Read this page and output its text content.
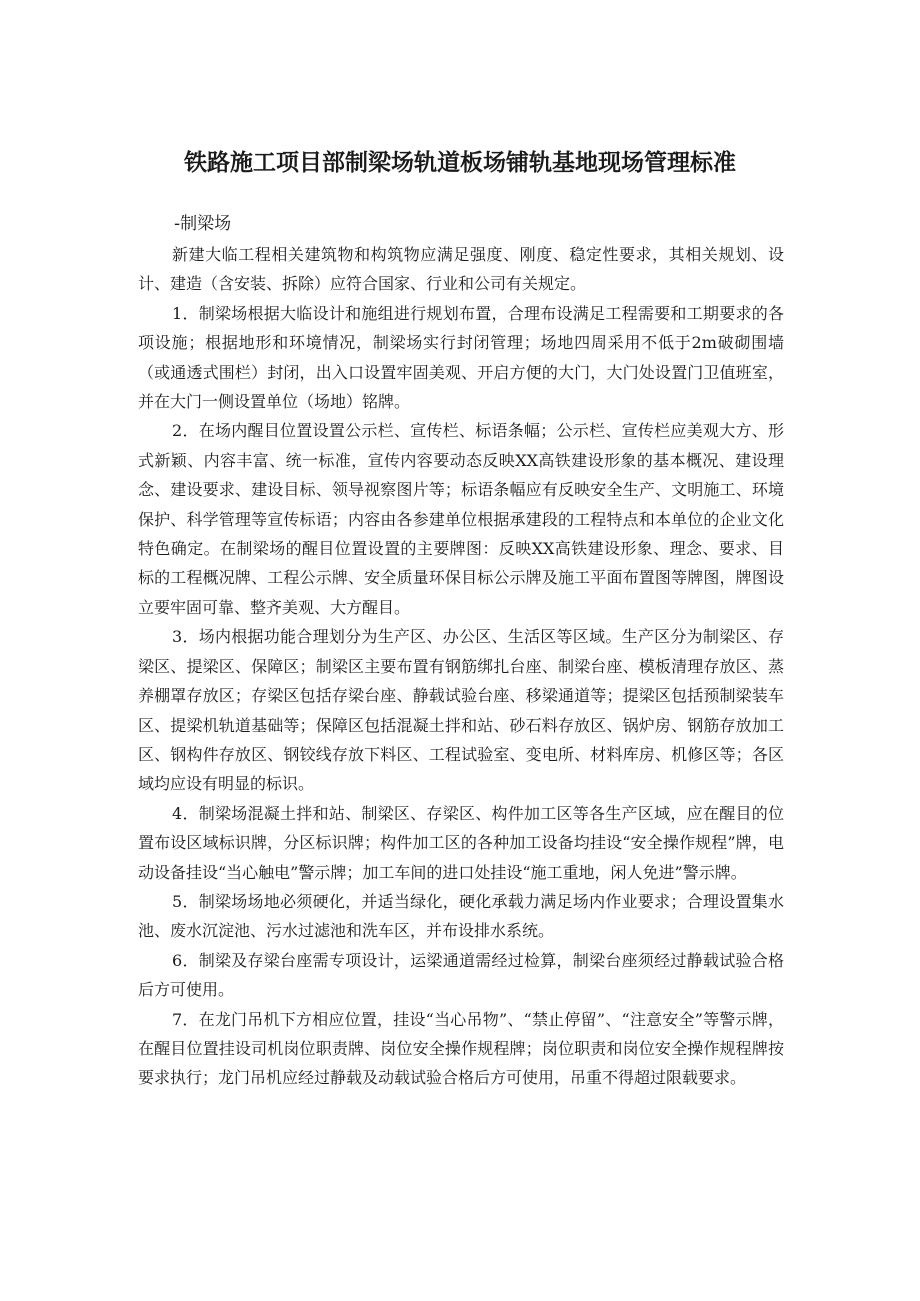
铁路施工项目部制梁场轨道板场铺轨基地现场管理标准
-制梁场

新建大临工程相关建筑物和构筑物应满足强度、刚度、稳定性要求，其相关规划、设计、建造（含安装、拆除）应符合国家、行业和公司有关规定。

1．制梁场根据大临设计和施组进行规划布置，合理布设满足工程需要和工期要求的各项设施；根据地形和环境情况，制梁场实行封闭管理；场地四周采用不低于2m破砌围墙（或通透式围栏）封闭，出入口设置牢固美观、开启方便的大门，大门处设置门卫值班室，并在大门一侧设置单位（场地）铭牌。

2．在场内醒目位置设置公示栏、宣传栏、标语条幅；公示栏、宣传栏应美观大方、形式新颖、内容丰富、统一标准，宣传内容要动态反映XX高铁建设形象的基本概况、建设理念、建设要求、建设目标、领导视察图片等；标语条幅应有反映安全生产、文明施工、环境保护、科学管理等宣传标语；内容由各参建单位根据承建段的工程特点和本单位的企业文化特色确定。在制梁场的醒目位置设置的主要牌图：反映XX高铁建设形象、理念、要求、目标的工程概况牌、工程公示牌、安全质量环保目标公示牌及施工平面布置图等牌图，牌图设立要牢固可靠、整齐美观、大方醒目。

3．场内根据功能合理划分为生产区、办公区、生活区等区域。生产区分为制梁区、存梁区、提梁区、保障区；制梁区主要布置有钢筋绑扎台座、制梁台座、模板清理存放区、蒸养棚罩存放区；存梁区包括存梁台座、静载试验台座、移梁通道等；提梁区包括预制梁装车区、提梁机轨道基础等；保障区包括混凝土拌和站、砂石料存放区、锅炉房、钢筋存放加工区、钢构件存放区、钢铰线存放下料区、工程试验室、变电所、材料库房、机修区等；各区域均应设有明显的标识。

4．制梁场混凝土拌和站、制梁区、存梁区、构件加工区等各生产区域，应在醒目的位置布设区域标识牌，分区标识牌；构件加工区的各种加工设备均挂设“安全操作规程”牌，电动设备挂设“当心触电”警示牌；加工车间的进口处挂设“施工重地，闲人免进”警示牌。

5．制梁场场地必须硬化，并适当绿化，硬化承载力满足场内作业要求；合理设置集水池、废水沉淀池、污水过滤池和洗车区，并布设排水系统。

6．制梁及存梁台座需专项设计，运梁通道需经过检算，制梁台座须经过静载试验合格后方可使用。

7．在龙门吊机下方相应位置，挂设“当心吊物”、“禁止停留”、“注意安全”等警示牌，在醒目位置挂设司机岗位职责牌、岗位安全操作规程牌；岗位职责和岗位安全操作规程牌按要求执行；龙门吊机应经过静载及动载试验合格后方可使用，吊重不得超过限载要求。
